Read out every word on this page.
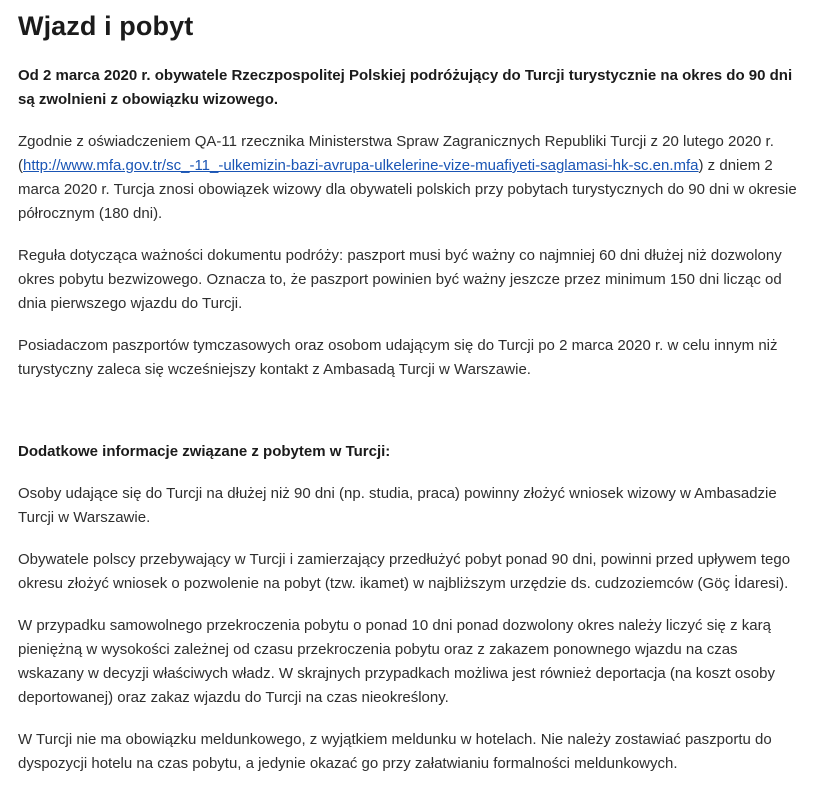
Wjazd i pobyt

Od 2 marca 2020 r. obywatele Rzeczpospolitej Polskiej podróżujący do Turcji turystycznie na okres do 90 dni są zwolnieni z obowiązku wizowego.

Zgodnie z oświadczeniem QA-11 rzecznika Ministerstwa Spraw Zagranicznych Republiki Turcji z 20 lutego 2020 r. (http://www.mfa.gov.tr/sc_-11_-ulkemizin-bazi-avrupa-ulkelerine-vize-muafiyeti-saglamasi-hk-sc.en.mfa) z dniem 2 marca 2020 r. Turcja znosi obowiązek wizowy dla obywateli polskich przy pobytach turystycznych do 90 dni w okresie półrocznym (180 dni).

Reguła dotycząca ważności dokumentu podróży: paszport musi być ważny co najmniej 60 dni dłużej niż dozwolony okres pobytu bezwizowego. Oznacza to, że paszport powinien być ważny jeszcze przez minimum 150 dni licząc od dnia pierwszego wjazdu do Turcji.

Posiadaczom paszportów tymczasowych oraz osobom udającym się do Turcji po 2 marca 2020 r. w celu innym niż turystyczny zaleca się wcześniejszy kontakt z Ambasadą Turcji w Warszawie.

Dodatkowe informacje związane z pobytem w Turcji:

Osoby udające się do Turcji na dłużej niż 90 dni (np. studia, praca) powinny złożyć wniosek wizowy w Ambasadzie Turcji w Warszawie.

Obywatele polscy przebywający w Turcji i zamierzający przedłużyć pobyt ponad 90 dni, powinni przed upływem tego okresu złożyć wniosek o pozwolenie na pobyt (tzw. ikamet) w najbliższym urzędzie ds. cudzoziemców (Göç İdaresi).

W przypadku samowolnego przekroczenia pobytu o ponad 10 dni ponad dozwolony okres należy liczyć się z karą pieniężną w wysokości zależnej od czasu przekroczenia pobytu oraz z zakazem ponownego wjazdu na czas wskazany w decyzji właściwych władz. W skrajnych przypadkach możliwa jest również deportacja (na koszt osoby deportowanej) oraz zakaz wjazdu do Turcji na czas nieokreślony.

W Turcji nie ma obowiązku meldunkowego, z wyjątkiem meldunku w hotelach. Nie należy zostawiać paszportu do dyspozycji hotelu na czas pobytu, a jedynie okazać go przy załatwianiu formalności meldunkowych.
